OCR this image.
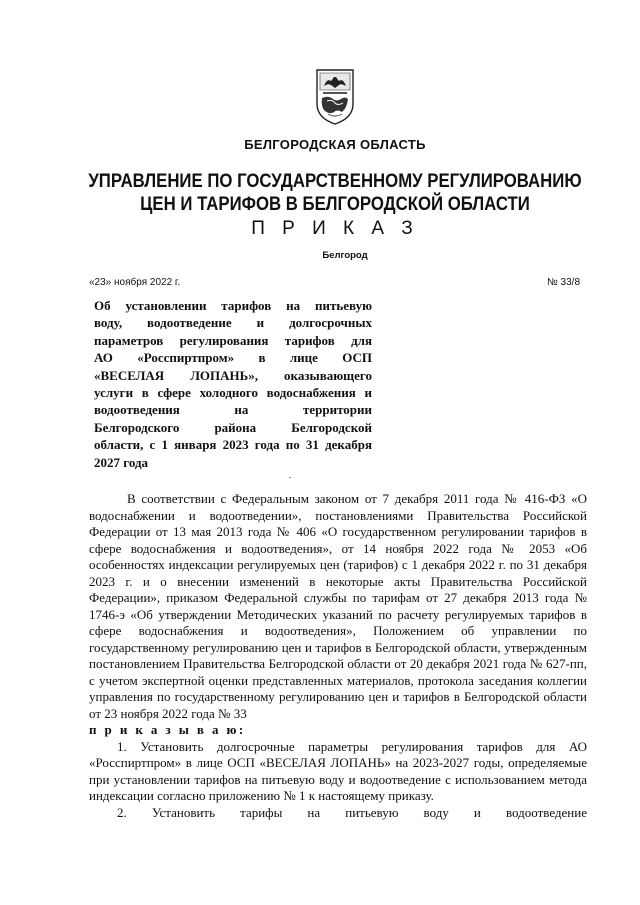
БЕЛГОРОДСКАЯ ОБЛАСТЬ
УПРАВЛЕНИЕ ПО ГОСУДАРСТВЕННОМУ РЕГУЛИРОВАНИЮ
ЦЕН И ТАРИФОВ В БЕЛГОРОДСКОЙ ОБЛАСТИ
П Р И К А З
Белгород
«23» ноября 2022 г.	№ 33/8
Об установлении тарифов на питьевую
воду, водоотведение и долгосрочных
параметров регулирования тарифов для
АО «Росспиртпром» в лице ОСП
«ВЕСЕЛАЯ ЛОПАНЬ», оказывающего
услуги в сфере холодного водоснабжения и
водоотведения на территории
Белгородского района Белгородской
области, с 1 января 2023 года по 31 декабря
2027 года

В соответствии с Федеральным законом от 7 декабря 2011 года № 416-ФЗ «О водоснабжении и водоотведении», постановлениями Правительства Российской Федерации от 13 мая 2013 года № 406 «О государственном регулировании тарифов в сфере водоснабжения и водоотведения», от 14 ноября 2022 года № 2053 «Об особенностях индексации регулируемых цен (тарифов) с 1 декабря 2022 г. по 31 декабря 2023 г. и о внесении изменений в некоторые акты Правительства Российской Федерации», приказом Федеральной службы по тарифам от 27 декабря 2013 года № 1746-э «Об утверждении Методических указаний по расчету регулируемых тарифов в сфере водоснабжения и водоотведения», Положением об управлении по государственному регулированию цен и тарифов в Белгородской области, утвержденным постановлением Правительства Белгородской области от 20 декабря 2021 года № 627-пп, с учетом экспертной оценки представленных материалов, протокола заседания коллегии управления по государственному регулированию цен и тарифов в Белгородской области от 23 ноября 2022 года № 33

п р и к а з ы в а ю:

1. Установить долгосрочные параметры регулирования тарифов для АО «Росспиртпром» в лице ОСП «ВЕСЕЛАЯ ЛОПАНЬ» на 2023-2027 годы, определяемые при установлении тарифов на питьевую воду и водоотведение с использованием метода индексации согласно приложению № 1 к настоящему приказу.

2. Установить тарифы на питьевую воду и водоотведение
